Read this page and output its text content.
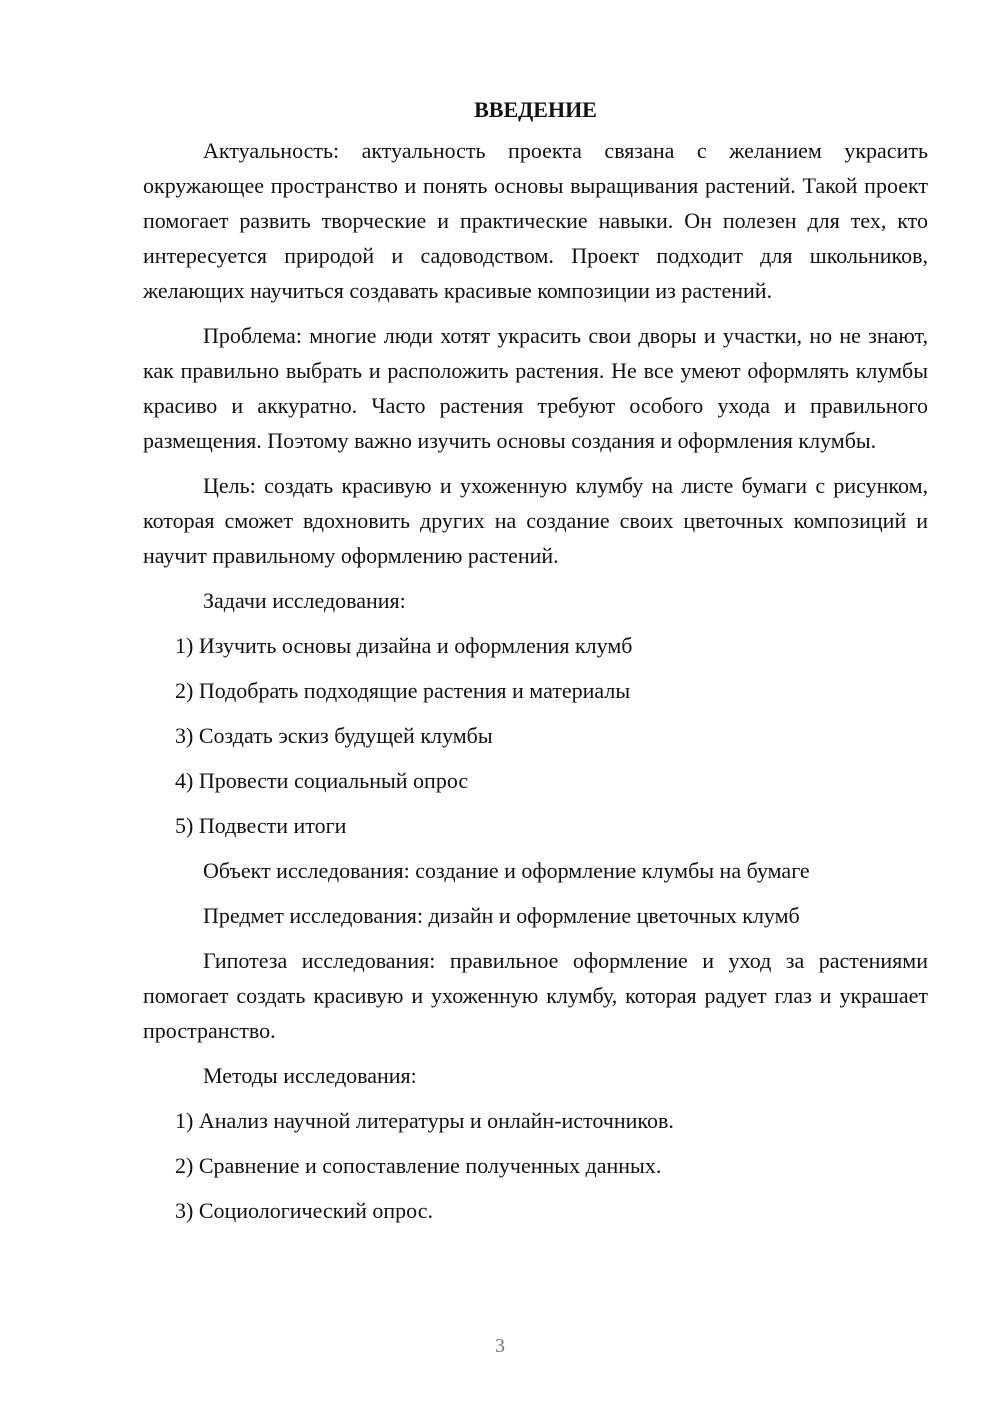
ВВЕДЕНИЕ
Актуальность: актуальность проекта связана с желанием украсить окружающее пространство и понять основы выращивания растений. Такой проект помогает развить творческие и практические навыки. Он полезен для тех, кто интересуется природой и садоводством. Проект подходит для школьников, желающих научиться создавать красивые композиции из растений.
Проблема: многие люди хотят украсить свои дворы и участки, но не знают, как правильно выбрать и расположить растения. Не все умеют оформлять клумбы красиво и аккуратно. Часто растения требуют особого ухода и правильного размещения. Поэтому важно изучить основы создания и оформления клумбы.
Цель: создать красивую и ухоженную клумбу на листе бумаги с рисунком, которая сможет вдохновить других на создание своих цветочных композиций и научит правильному оформлению растений.
Задачи исследования:
1) Изучить основы дизайна и оформления клумб
2) Подобрать подходящие растения и материалы
3) Создать эскиз будущей клумбы
4) Провести социальный опрос
5) Подвести итоги
Объект исследования: создание и оформление клумбы на бумаге
Предмет исследования: дизайн и оформление цветочных клумб
Гипотеза исследования: правильное оформление и уход за растениями помогает создать красивую и ухоженную клумбу, которая радует глаз и украшает пространство.
Методы исследования:
1) Анализ научной литературы и онлайн-источников.
2) Сравнение и сопоставление полученных данных.
3) Социологический опрос.
3
